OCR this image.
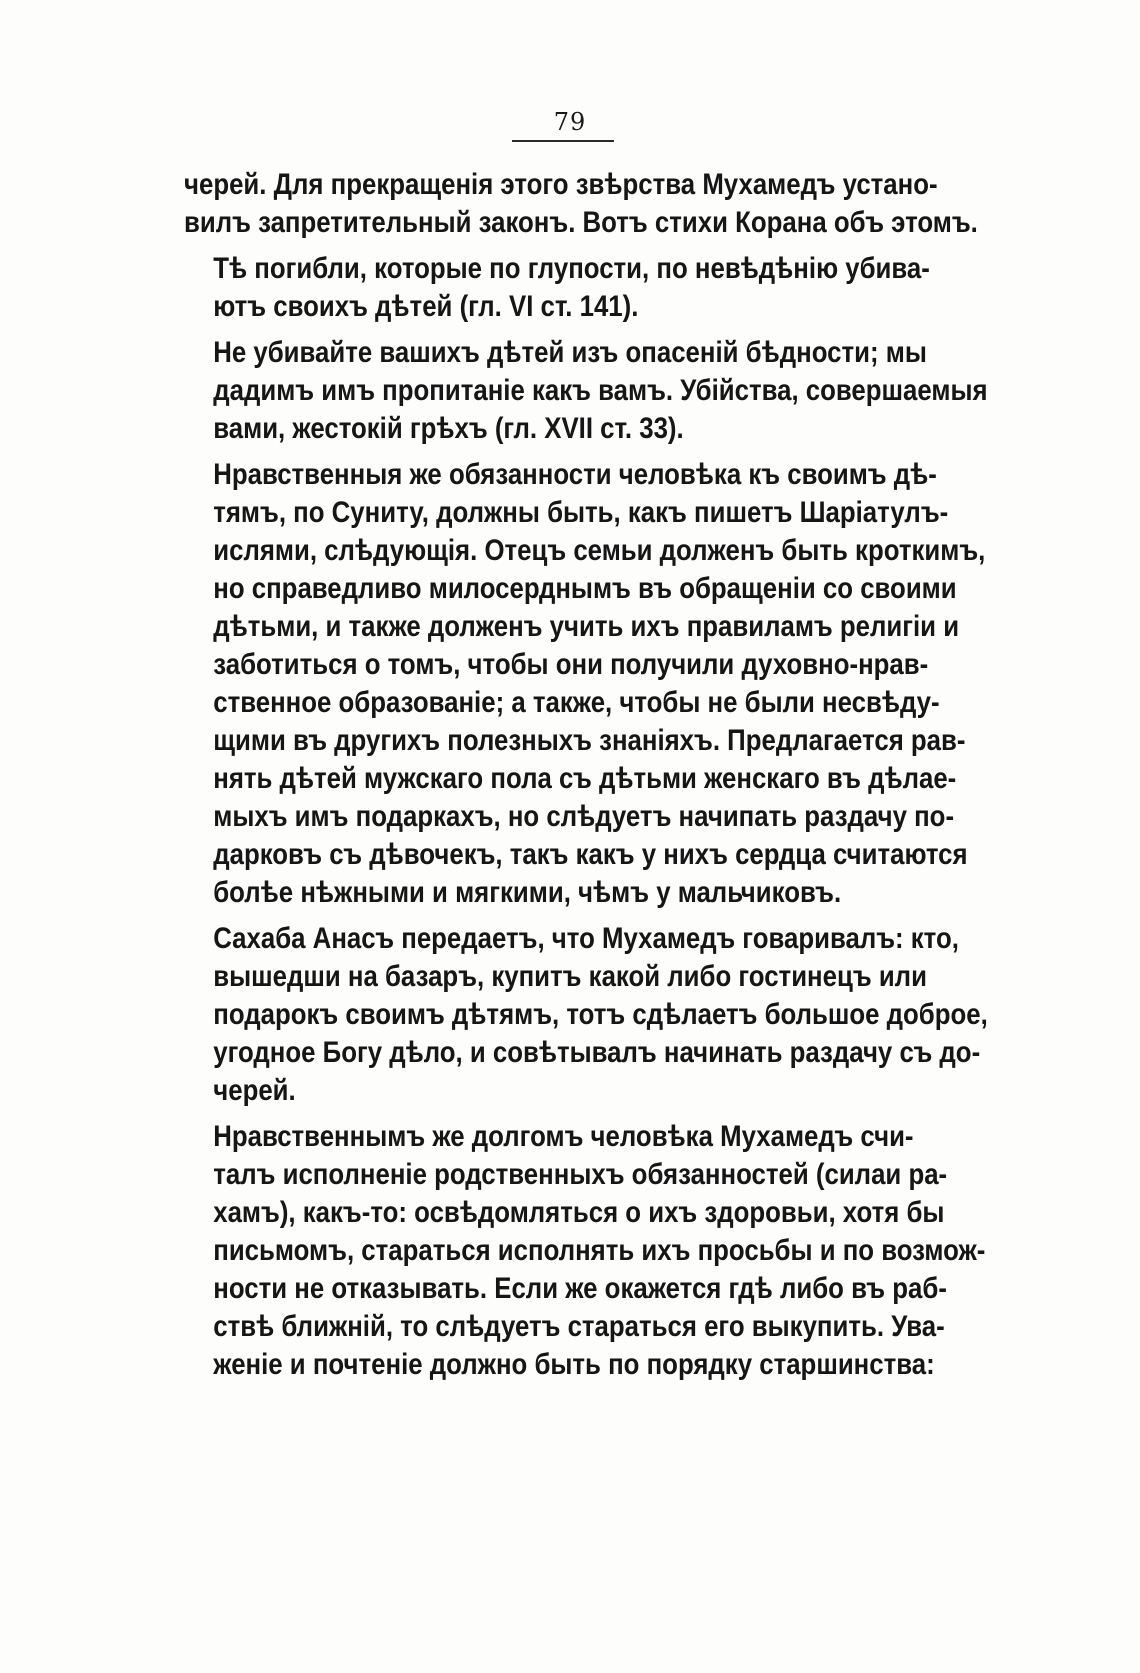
79
черей. Для прекращенія этого звѣрства Мухамедъ устано-
вилъ запретительный законъ. Вотъ стихи Корана объ этомъ.
Тѣ погибли, которые по глупости, по невѣдѣнію убива-
ютъ своихъ дѣтей (гл. VI ст. 141).
Не убивайте вашихъ дѣтей изъ опасеній бѣдности; мы
дадимъ имъ пропитаніе какъ вамъ. Убійства, совершаемыя
вами, жестокій грѣхъ (гл. XVII ст. 33).
Нравственныя же обязанности человѣка къ своимъ дѣ-
тямъ, по Суниту, должны быть, какъ пишетъ Шаріатулъ-
ислями, слѣдующія. Отецъ семьи долженъ быть кроткимъ,
но справедливо милосерднымъ въ обращеніи со своими
дѣтьми, и также долженъ учить ихъ правиламъ религіи и
заботиться о томъ, чтобы они получили духовно-нрав-
ственное образованіе; а также, чтобы не были несвѣду-
щими въ другихъ полезныхъ знаніяхъ. Предлагается рав-
нять дѣтей мужскаго пола съ дѣтьми женскаго въ дѣлае-
мыхъ имъ подаркахъ, но слѣдуетъ начипать раздачу по-
дарковъ съ дѣвочекъ, такъ какъ у нихъ сердца считаются
болѣе нѣжными и мягкими, чѣмъ у мальчиковъ.
Сахаба Анасъ передаетъ, что Мухамедъ говаривалъ: кто,
вышедши на базаръ, купитъ какой либо гостинецъ или
подарокъ своимъ дѣтямъ, тотъ сдѣлаетъ большое доброе,
угодное Богу дѣло, и совѣтывалъ начинать раздачу съ до-
черей.
Нравственнымъ же долгомъ человѣка Мухамедъ счи-
талъ исполненіе родственныхъ обязанностей (силаи ра-
хамъ), какъ-то: освѣдомляться о ихъ здоровьи, хотя бы
письмомъ, стараться исполнять ихъ просьбы и по возмож-
ности не отказывать. Если же окажется гдѣ либо въ раб-
ствѣ ближній, то слѣдуетъ стараться его выкупить. Ува-
женіе и почтеніе должно быть по порядку старшинства:
